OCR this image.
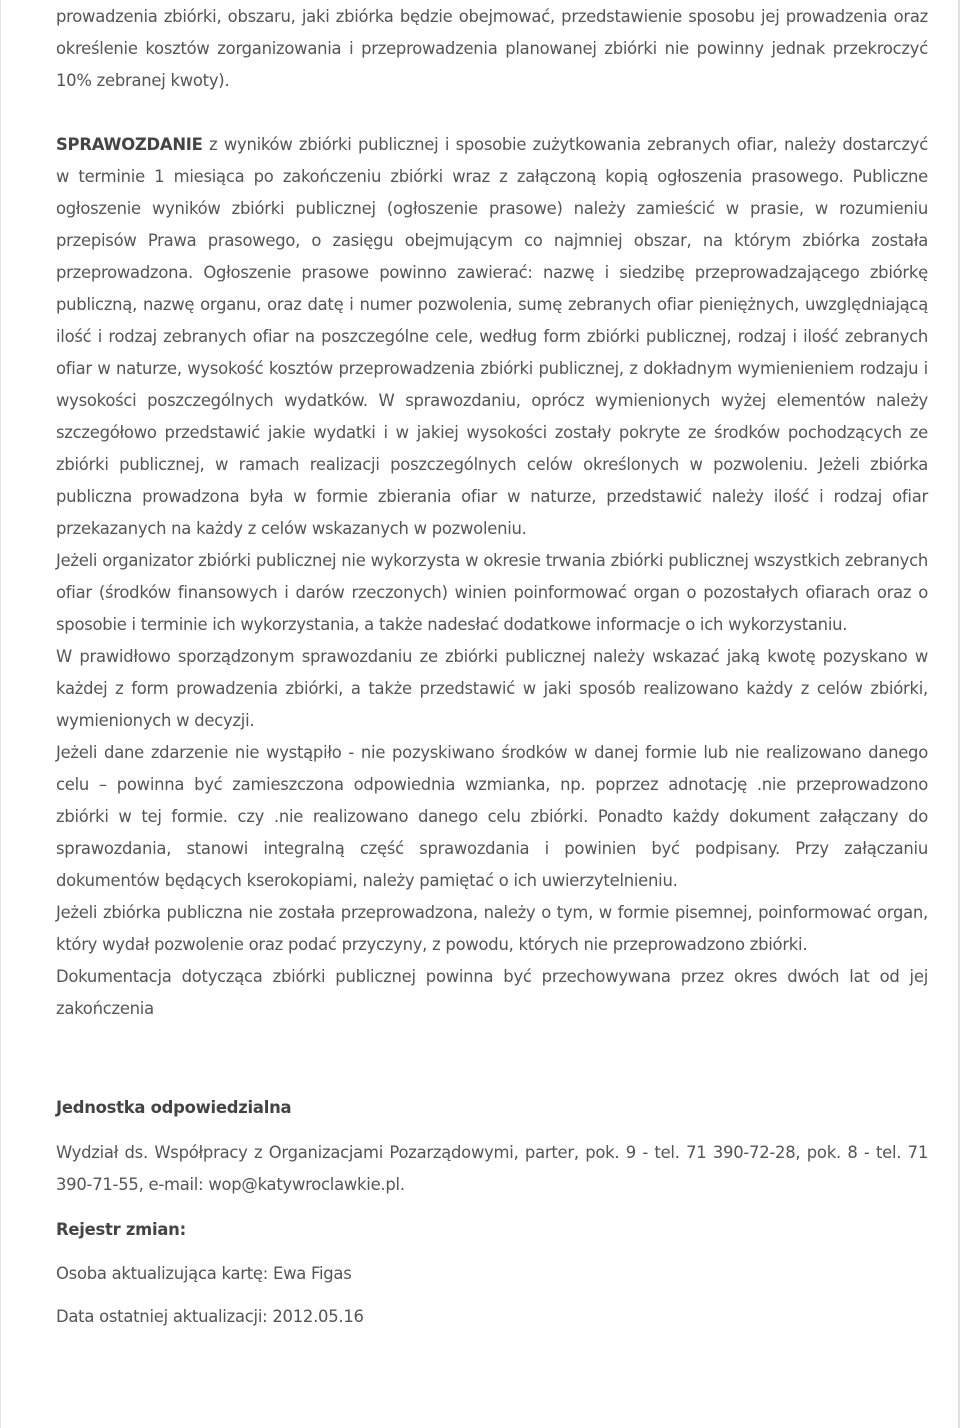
prowadzenia zbiórki, obszaru, jaki zbiórka będzie obejmować, przedstawienie sposobu jej prowadzenia oraz określenie kosztów zorganizowania i przeprowadzenia planowanej zbiórki nie powinny jednak przekroczyć 10% zebranej kwoty).

SPRAWOZDANIE z wyników zbiórki publicznej i sposobie zużytkowania zebranych ofiar, należy dostarczyć w terminie 1 miesiąca po zakończeniu zbiórki wraz z załączoną kopią ogłoszenia prasowego. Publiczne ogłoszenie wyników zbiórki publicznej (ogłoszenie prasowe) należy zamieścić w prasie, w rozumieniu przepisów Prawa prasowego, o zasięgu obejmującym co najmniej obszar, na którym zbiórka została przeprowadzona. Ogłoszenie prasowe powinno zawierać: nazwę i siedzibę przeprowadzającego zbiórkę publiczną, nazwę organu, oraz datę i numer pozwolenia, sumę zebranych ofiar pieniężnych, uwzględniającą ilość i rodzaj zebranych ofiar na poszczególne cele, według form zbiórki publicznej, rodzaj i ilość zebranych ofiar w naturze, wysokość kosztów przeprowadzenia zbiórki publicznej, z dokładnym wymienieniem rodzaju i wysokości poszczególnych wydatków. W sprawozdaniu, oprócz wymienionych wyżej elementów należy szczegółowo przedstawić jakie wydatki i w jakiej wysokości zostały pokryte ze środków pochodzących ze zbiórki publicznej, w ramach realizacji poszczególnych celów określonych w pozwoleniu. Jeżeli zbiórka publiczna prowadzona była w formie zbierania ofiar w naturze, przedstawić należy ilość i rodzaj ofiar przekazanych na każdy z celów wskazanych w pozwoleniu.

Jeżeli organizator zbiórki publicznej nie wykorzysta w okresie trwania zbiórki publicznej wszystkich zebranych ofiar (środków finansowych i darów rzeczonych) winien poinformować organ o pozostałych ofiarach oraz o sposobie i terminie ich wykorzystania, a także nadesłać dodatkowe informacje o ich wykorzystaniu.

W prawidłowo sporządzonym sprawozdaniu ze zbiórki publicznej należy wskazać jaką kwotę pozyskano w każdej z form prowadzenia zbiórki, a także przedstawić w jaki sposób realizowano każdy z celów zbiórki, wymienionych w decyzji.

Jeżeli dane zdarzenie nie wystąpiło - nie pozyskiwano środków w danej formie lub nie realizowano danego celu – powinna być zamieszczona odpowiednia wzmianka, np. poprzez adnotację .nie przeprowadzono zbiórki w tej formie. czy .nie realizowano danego celu zbiórki. Ponadto każdy dokument załączany do sprawozdania, stanowi integralną część sprawozdania i powinien być podpisany. Przy załączaniu dokumentów będących kserokopiami, należy pamiętać o ich uwierzytelnieniu.

Jeżeli zbiórka publiczna nie została przeprowadzona, należy o tym, w formie pisemnej, poinformować organ, który wydał pozwolenie oraz podać przyczyny, z powodu, których nie przeprowadzono zbiórki.

Dokumentacja dotycząca zbiórki publicznej powinna być przechowywana przez okres dwóch lat od jej zakończenia

Jednostka odpowiedzialna

Wydział ds. Współpracy z Organizacjami Pozarządowymi, parter, pok. 9 - tel. 71 390-72-28, pok. 8 - tel. 71 390-71-55, e-mail: wop@katywroclawkie.pl.

Rejestr zmian:

Osoba aktualizująca kartę: Ewa Figas

Data ostatniej aktualizacji: 2012.05.16
